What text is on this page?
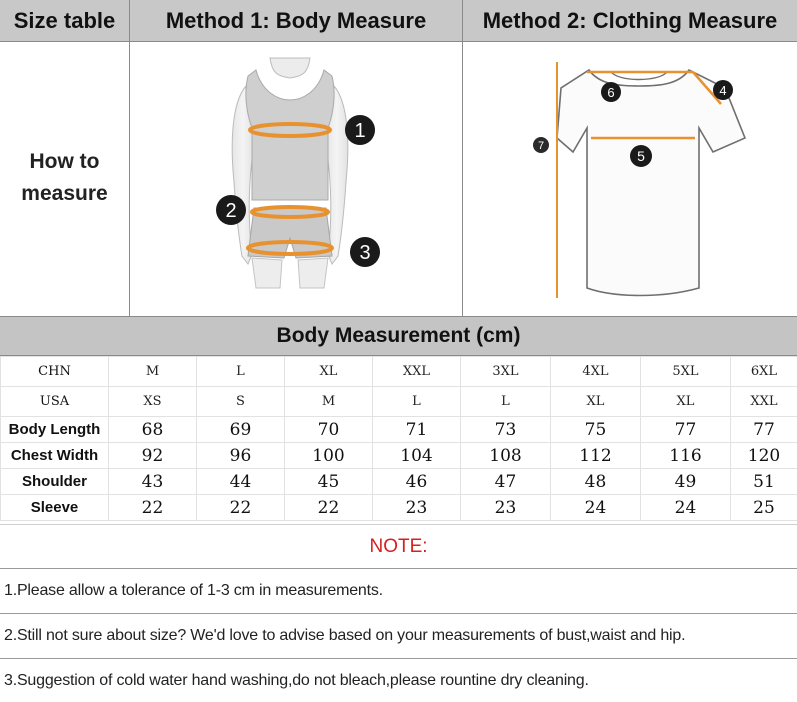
Size table	Method 1: Body Measure	Method 2: Clothing Measure
How to
measure
1
2
3
6	4
7
5
Body Measurement (cm)
CHN	M	L	XL	XXL	3XL	4XL	5XL	6XL
USA	XS	S	M	L	L	XL	XL	XXL
Body Length	68	69	70	71	73	75	77	77
Chest Width	92	96	100	104	108	112	116	120
Shoulder	43	44	45	46	47	48	49	51
Sleeve	22	22	22	23	23	24	24	25
NOTE:
1.Please allow a tolerance of 1-3 cm in measurements.
2.Still not sure about size? We'd love to advise based on your measurements of bust,waist and hip.
3.Suggestion of cold water hand washing,do not bleach,please rountine dry cleaning.
